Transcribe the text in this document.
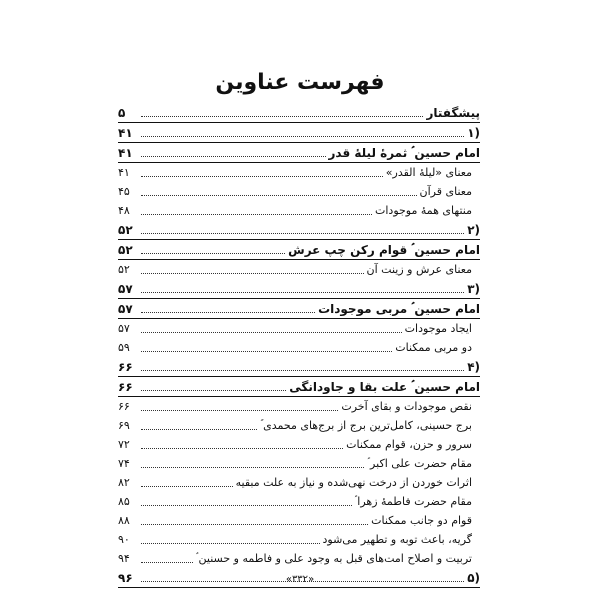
فهرست عناوین
پیشگفتار
۵
(۱
۴۱
امام حسین ؑ ثمرهٔ لیلهٔ قدر
۴۱
معنای «لیلهٔ القدر»
۴۱
معنای قرآن
۴۵
منتهای همهٔ موجودات
۴۸
(۲
۵۲
امام حسین ؑ قوام رکن چپ عرش
۵۲
معنای عرش و زینت آن
۵۲
(۳
۵۷
امام حسین ؑ مربی موجودات
۵۷
ایجاد موجودات
۵۷
دو مربی ممکنات
۵۹
(۴
۶۶
امام حسین ؑ علت بقا و جاودانگی
۶۶
نقص موجودات و بقای آخرت
۶۶
برج حسینی، کامل‌ترین برج از برج‌های محمدی ؐ
۶۹
سرور و حزن، قوام ممکنات
۷۲
مقام حضرت علی اکبر ؑ
۷۴
اثرات خوردن از درخت نهی‌شده و نیاز به علت مبقیه
۸۲
مقام حضرت فاطمهٔ زهرا ؑ
۸۵
قوام دو جانب ممکنات
۸۸
گریه، باعث توبه و تطهیر می‌شود
۹۰
تربیت و اصلاح امت‌های قبل به وجود علی و فاطمه و حسنین ؑ
۹۴
(۵
۹۶	«۳۳۲»
